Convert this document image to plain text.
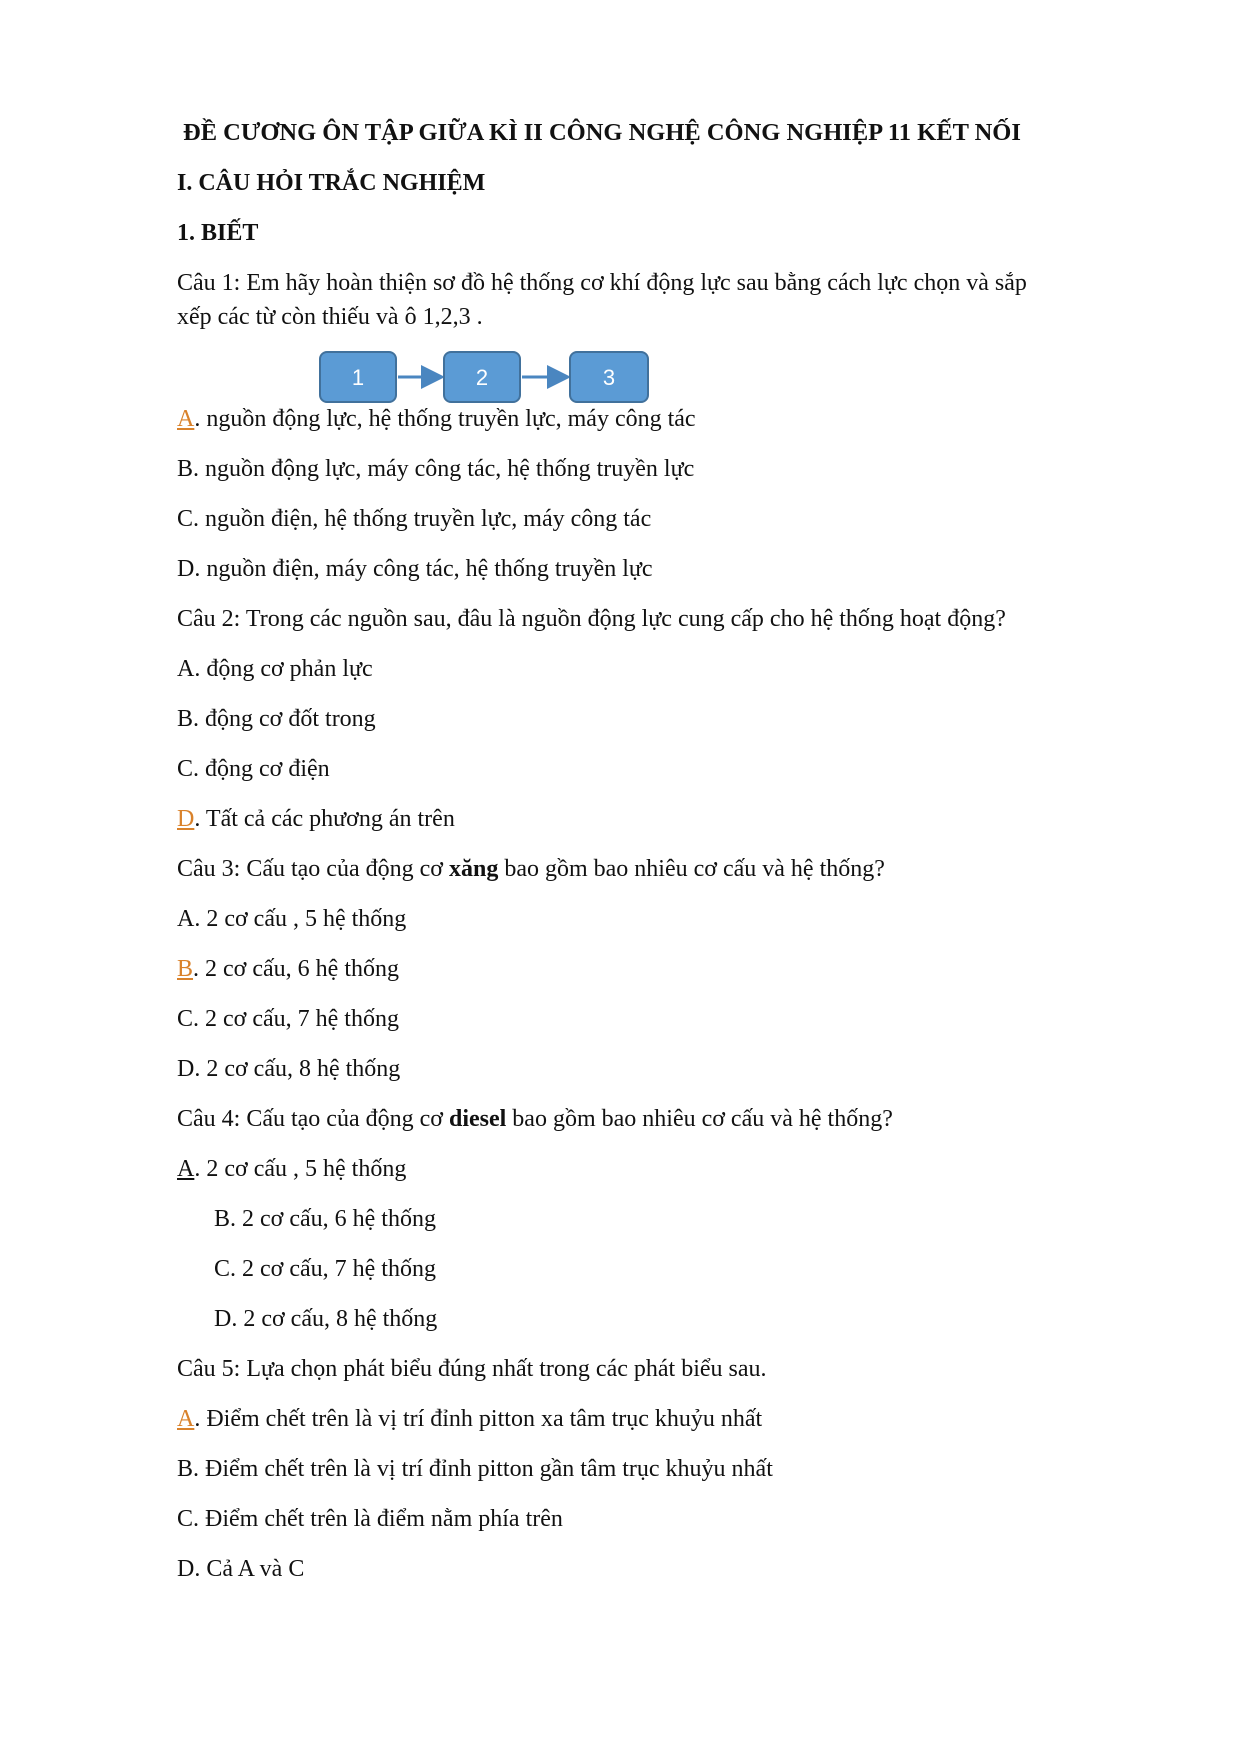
ĐỀ CƯƠNG ÔN TẬP GIỮA KÌ II CÔNG NGHỆ CÔNG NGHIỆP 11 KẾT NỐI
I. CÂU HỎI TRẮC NGHIỆM
1. BIẾT
Câu 1: Em hãy hoàn thiện sơ đồ hệ thống cơ khí động lực sau bằng cách lực chọn và sắp
xếp các từ còn thiếu và ô 1,2,3 .
1	2	3
A. nguồn động lực, hệ thống truyền lực, máy công tác
B. nguồn động lực, máy công tác, hệ thống truyền lực
C. nguồn điện, hệ thống truyền lực, máy công tác
D. nguồn điện, máy công tác, hệ thống truyền lực
Câu 2: Trong các nguồn sau, đâu là nguồn động lực cung cấp cho hệ thống hoạt động?
A. động cơ phản lực
B. động cơ đốt trong
C. động cơ điện
D. Tất cả các phương án trên
Câu 3: Cấu tạo của động cơ xăng bao gồm bao nhiêu cơ cấu và hệ thống?
A. 2 cơ cấu , 5 hệ thống
B. 2 cơ cấu, 6 hệ thống
C. 2 cơ cấu, 7 hệ thống
D. 2 cơ cấu, 8 hệ thống
Câu 4: Cấu tạo của động cơ diesel bao gồm bao nhiêu cơ cấu và hệ thống?
A. 2 cơ cấu , 5 hệ thống
B. 2 cơ cấu, 6 hệ thống
C. 2 cơ cấu, 7 hệ thống
D. 2 cơ cấu, 8 hệ thống
Câu 5: Lựa chọn phát biểu đúng nhất trong các phát biểu sau.
A. Điểm chết trên là vị trí đỉnh pitton xa tâm trục khuỷu nhất
B. Điểm chết trên là vị trí đỉnh pitton gần tâm trục khuỷu nhất
C. Điểm chết trên là điểm nằm phía trên
D. Cả A và C
